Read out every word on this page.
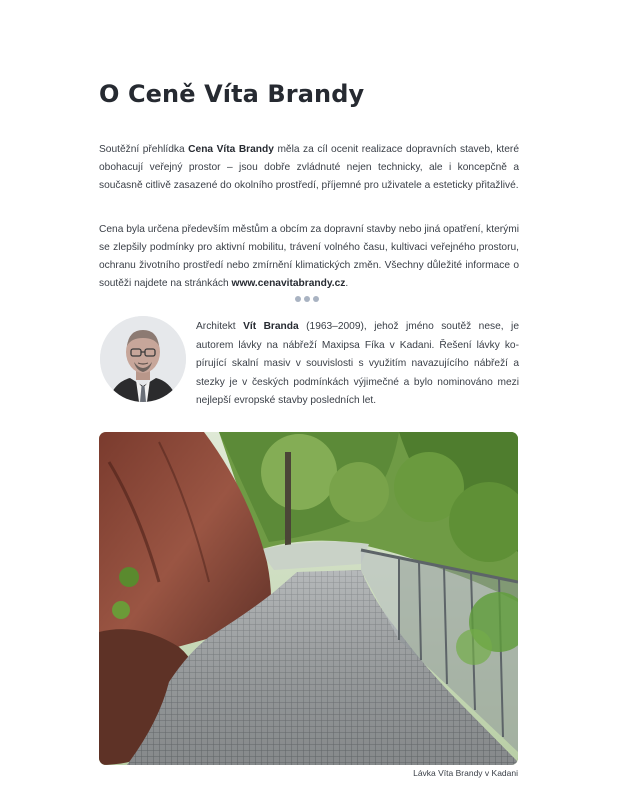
O Ceně Víta Brandy

Soutěžní přehlídka Cena Víta Brandy měla za cíl ocenit realizace dopravních staveb, které obohacují veřejný prostor – jsou dobře zvládnuté nejen technicky, ale i koncepčně a současně citlivě zasazené do okolního prostředí, příjemné pro uživatele a esteticky přitažlivé.

Cena byla určena především městům a obcím za dopravní stavby nebo jiná opatření, kterými se zlepšily podmínky pro aktivní mobilitu, trávení volného času, kultivaci veřejného prostoru, ochranu životního prostředí nebo zmírnění klimatických změn. Všechny důležité informace o soutěži najdete na stránkách www.cenavitabrandy.cz.

Architekt Vít Branda (1963–2009), jehož jméno soutěž nese, je autorem lávky na nábřeží Maxipsa Fíka v Kadani. Řešení lávky kopírující skalní masiv v souvislosti s využitím navazujícího nábřeží a stezky je v českých podmínkách výjimečné a bylo nominováno mezi nejlepší evropské stavby posledních let.

Lávka Víta Brandy v Kadani
